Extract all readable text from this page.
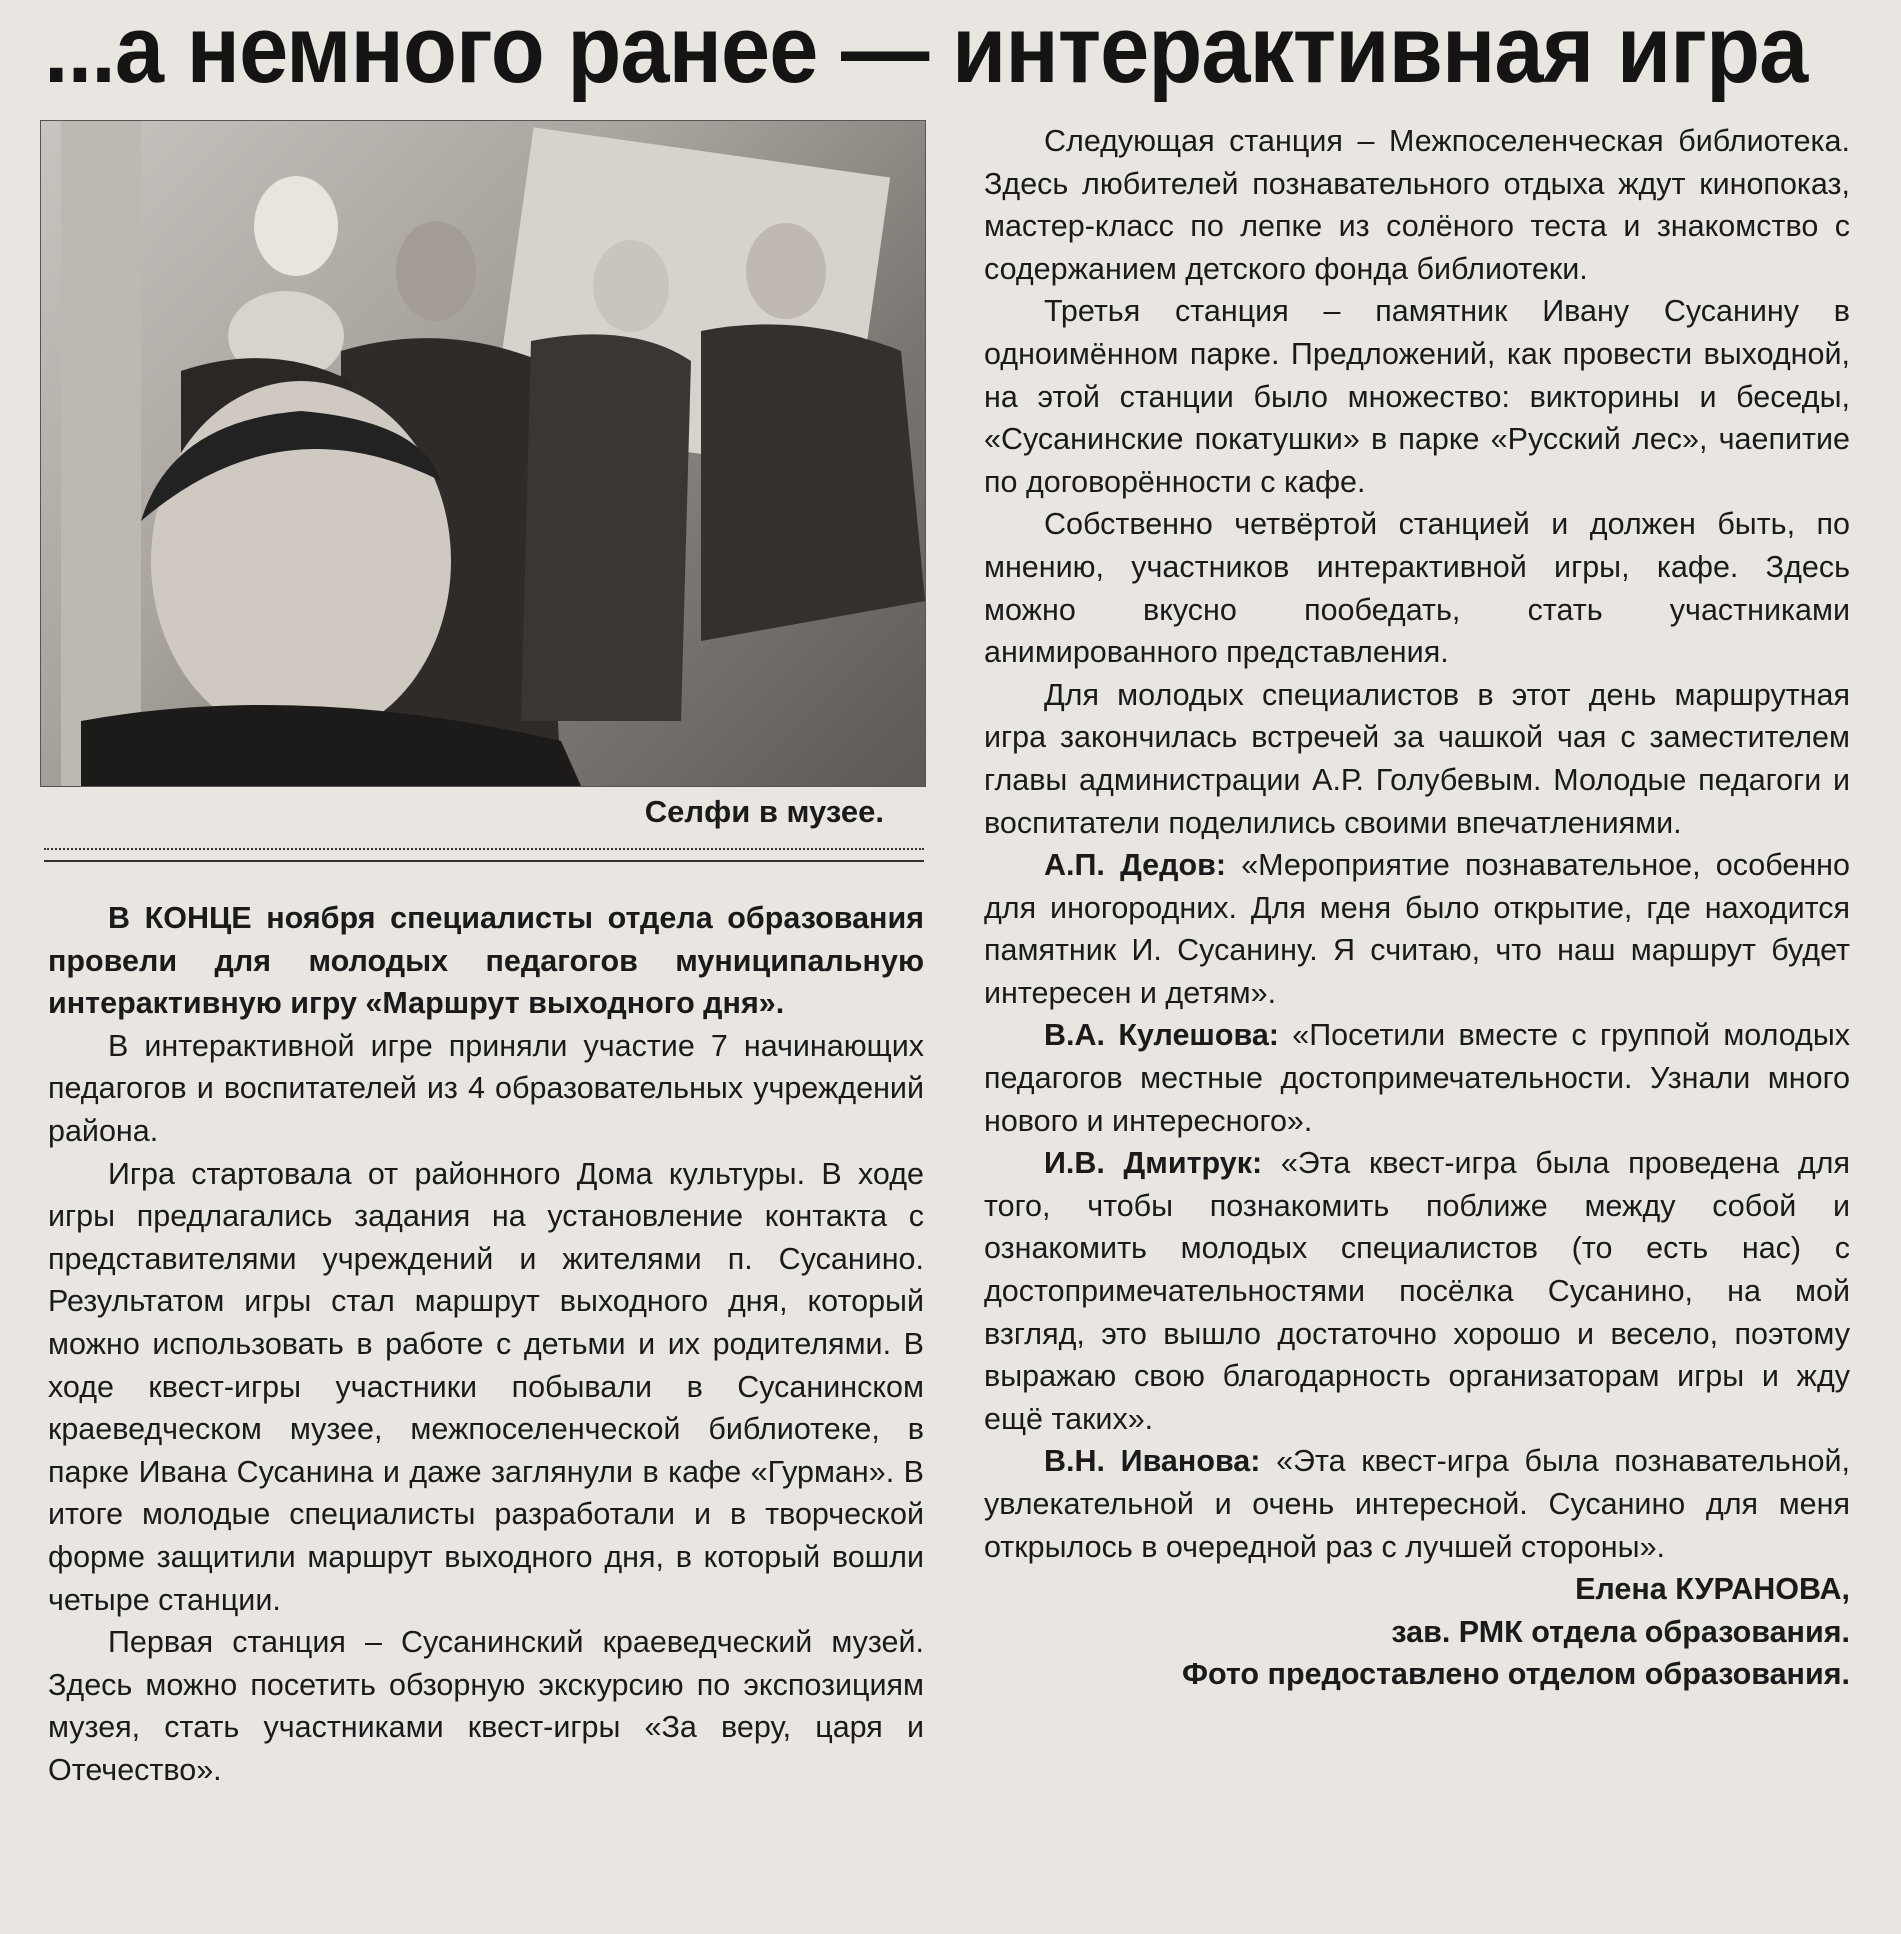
...а немного ранее — интерактивная игра
Селфи в музее.

В КОНЦЕ ноября специалисты отдела образования провели для молодых педагогов муниципальную интерактивную игру «Маршрут выходного дня».

В интерактивной игре приняли участие 7 начинающих педагогов и воспитателей из 4 образовательных учреждений района.

Игра стартовала от районного Дома культуры. В ходе игры предлагались задания на установление контакта с представителями учреждений и жителями п. Сусанино. Результатом игры стал маршрут выходного дня, который можно использовать в работе с детьми и их родителями. В ходе квест-игры участники побывали в Сусанинском краеведческом музее, межпоселенческой библиотеке, в парке Ивана Сусанина и даже заглянули в кафе «Гурман». В итоге молодые специалисты разработали и в творческой форме защитили маршрут выходного дня, в который вошли четыре станции.

Первая станция – Сусанинский краеведческий музей. Здесь можно посетить обзорную экскурсию по экспозициям музея, стать участниками квест-игры «За веру, царя и Отечество».

Следующая станция – Межпоселенческая библиотека. Здесь любителей познавательного отдыха ждут кинопоказ, мастер-класс по лепке из солёного теста и знакомство с содержанием детского фонда библиотеки.

Третья станция – памятник Ивану Сусанину в одноимённом парке. Предложений, как провести выходной, на этой станции было множество: викторины и беседы, «Сусанинские покатушки» в парке «Русский лес», чаепитие по договорённости с кафе.

Собственно четвёртой станцией и должен быть, по мнению, участников интерактивной игры, кафе. Здесь можно вкусно пообедать, стать участниками анимированного представления.

Для молодых специалистов в этот день маршрутная игра закончилась встречей за чашкой чая с заместителем главы администрации А.Р. Голубевым. Молодые педагоги и воспитатели поделились своими впечатлениями.

А.П. Дедов: «Мероприятие познавательное, особенно для иногородних. Для меня было открытие, где находится памятник И. Сусанину. Я считаю, что наш маршрут будет интересен и детям».

В.А. Кулешова: «Посетили вместе с группой молодых педагогов местные достопримечательности. Узнали много нового и интересного».

И.В. Дмитрук: «Эта квест-игра была проведена для того, чтобы познакомить поближе между собой и ознакомить молодых специалистов (то есть нас) с достопримечательностями посёлка Сусанино, на мой взгляд, это вышло достаточно хорошо и весело, поэтому выражаю свою благодарность организаторам игры и жду ещё таких».

В.Н. Иванова: «Эта квест-игра была познавательной, увлекательной и очень интересной. Сусанино для меня открылось в очередной раз с лучшей стороны».

Елена КУРАНОВА,

зав. РМК отдела образования.

Фото предоставлено отделом образования.
